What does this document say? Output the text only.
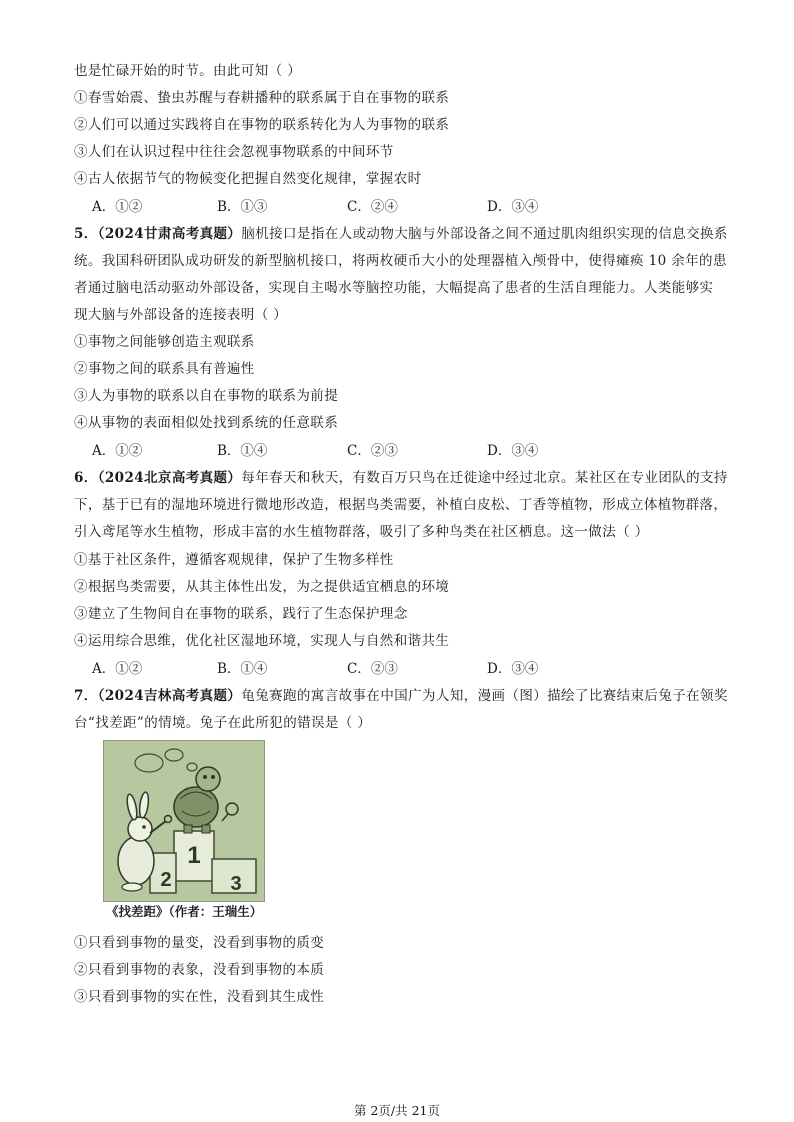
也是忙碌开始的时节。由此可知（ ）
①春雪始震、蛰虫苏醒与春耕播种的联系属于自在事物的联系
②人们可以通过实践将自在事物的联系转化为人为事物的联系
③人们在认识过程中往往会忽视事物联系的中间环节
④古人依据节气的物候变化把握自然变化规律，掌握农时
A．①②	B．①③	C．②④	D．③④
5．（2024甘肃高考真题）脑机接口是指在人或动物大脑与外部设备之间不通过肌肉组织实现的信息交换系
统。我国科研团队成功研发的新型脑机接口，将两枚硬币大小的处理器植入颅骨中，使得瘫痪 10 余年的患
者通过脑电活动驱动外部设备，实现自主喝水等脑控功能，大幅提高了患者的生活自理能力。人类能够实
现大脑与外部设备的连接表明（ ）
①事物之间能够创造主观联系
②事物之间的联系具有普遍性
③人为事物的联系以自在事物的联系为前提
④从事物的表面相似处找到系统的任意联系
A．①②	B．①④	C．②③	D．③④
6．（2024北京高考真题）每年春天和秋天，有数百万只鸟在迁徙途中经过北京。某社区在专业团队的支持
下，基于已有的湿地环境进行微地形改造，根据鸟类需要，补植白皮松、丁香等植物，形成立体植物群落，
引入鸢尾等水生植物，形成丰富的水生植物群落，吸引了多种鸟类在社区栖息。这一做法（ ）
①基于社区条件，遵循客观规律，保护了生物多样性
②根据鸟类需要，从其主体性出发，为之提供适宜栖息的环境
③建立了生物间自在事物的联系，践行了生态保护理念
④运用综合思维，优化社区湿地环境，实现人与自然和谐共生
A．①②	B．①④	C．②③	D．③④
7．（2024吉林高考真题）龟兔赛跑的寓言故事在中国广为人知，漫画（图）描绘了比赛结束后兔子在领奖
台“找差距”的情境。兔子在此所犯的错误是（ ）
1
2	3
《找差距》（作者：王瑞生）
①只看到事物的量变，没看到事物的质变
②只看到事物的表象，没看到事物的本质
③只看到事物的实在性，没看到其生成性
第 2页/共 21页
